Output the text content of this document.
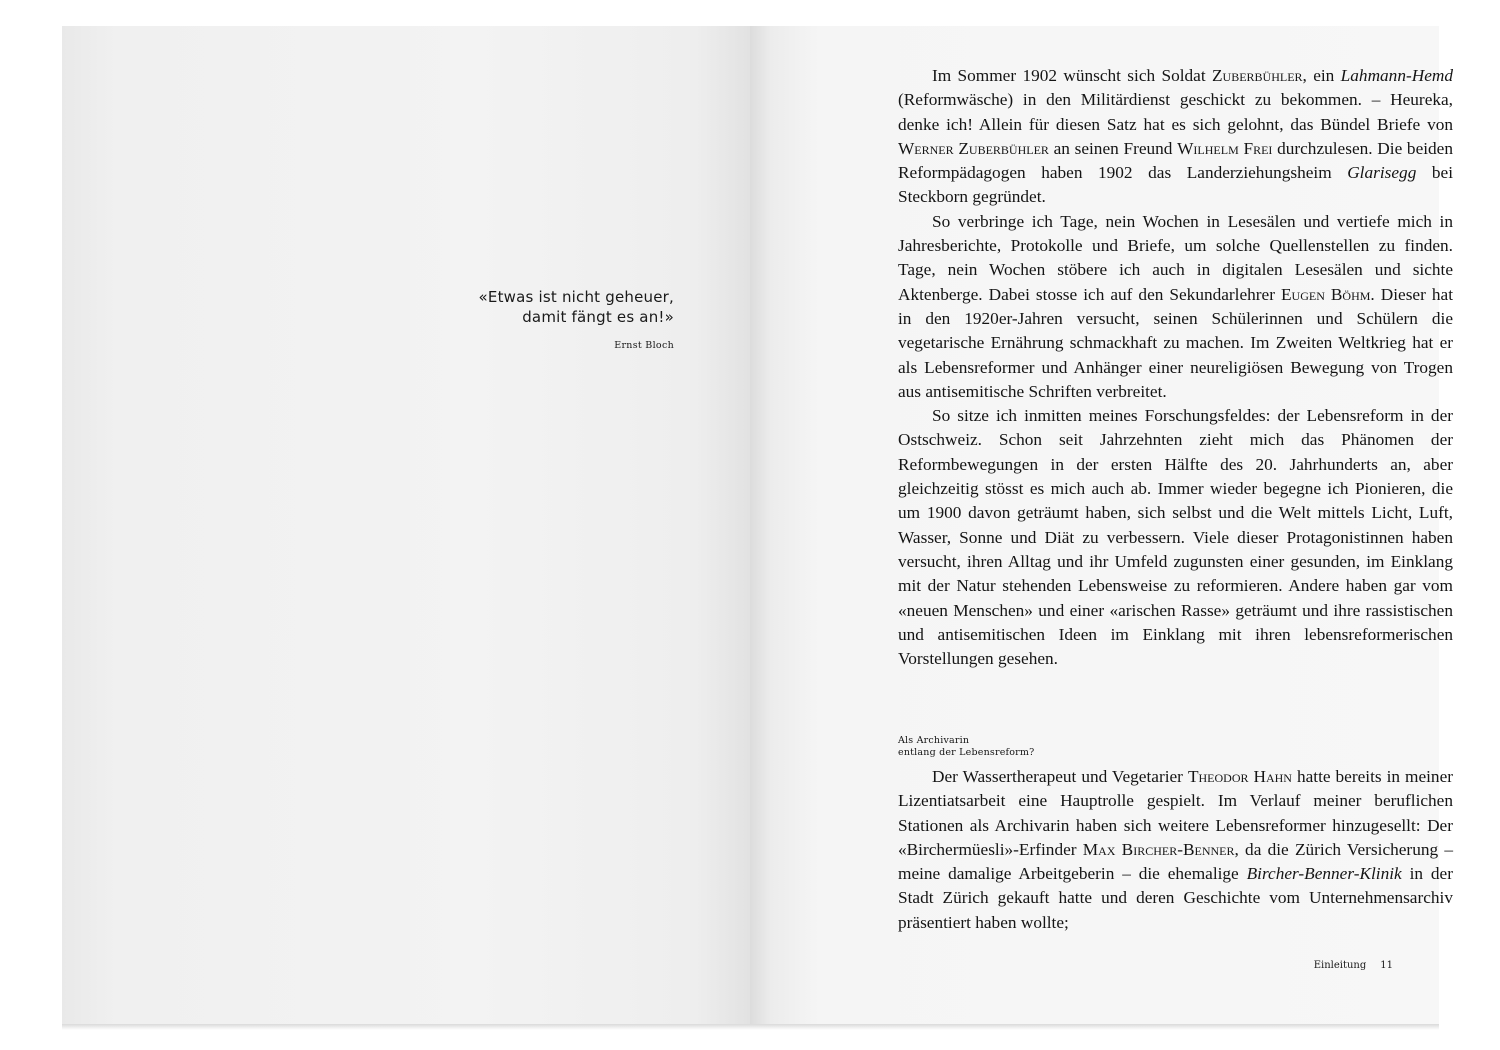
«Etwas ist nicht geheuer,
damit fängt es an!»
Ernst Bloch

Im Sommer 1902 wünscht sich Soldat Zuberbühler, ein Lahmann-Hemd (Reformwäsche) in den Militärdienst geschickt zu bekommen. – Heureka, denke ich! Allein für diesen Satz hat es sich gelohnt, das Bündel Briefe von Werner Zuberbühler an seinen Freund Wilhelm Frei durchzulesen. Die beiden Reformpädagogen haben 1902 das Landerziehungsheim Glarisegg bei Steckborn gegründet.

So verbringe ich Tage, nein Wochen in Lesesälen und vertiefe mich in Jahresberichte, Protokolle und Briefe, um solche Quellenstellen zu finden. Tage, nein Wochen stöbere ich auch in digitalen Lesesälen und sichte Aktenberge. Dabei stosse ich auf den Sekundarlehrer Eugen Böhm. Dieser hat in den 1920er-Jahren versucht, seinen Schülerinnen und Schülern die vegetarische Ernährung schmackhaft zu machen. Im Zweiten Weltkrieg hat er als Lebensreformer und Anhänger einer neureligiösen Bewegung von Trogen aus antisemitische Schriften verbreitet.

So sitze ich inmitten meines Forschungsfeldes: der Lebensreform in der Ostschweiz. Schon seit Jahrzehnten zieht mich das Phänomen der Reformbewegungen in der ersten Hälfte des 20. Jahrhunderts an, aber gleichzeitig stösst es mich auch ab. Immer wieder begegne ich Pionieren, die um 1900 davon geträumt haben, sich selbst und die Welt mittels Licht, Luft, Wasser, Sonne und Diät zu verbessern. Viele dieser Protagonistinnen haben versucht, ihren Alltag und ihr Umfeld zugunsten einer gesunden, im Einklang mit der Natur stehenden Lebensweise zu reformieren. Andere haben gar vom «neuen Menschen» und einer «arischen Rasse» geträumt und ihre rassistischen und antisemitischen Ideen im Einklang mit ihren lebensreformerischen Vorstellungen gesehen.

Als Archivarin
entlang der Lebensreform?

Der Wassertherapeut und Vegetarier Theodor Hahn hatte bereits in meiner Lizentiatsarbeit eine Hauptrolle gespielt. Im Verlauf meiner beruflichen Stationen als Archivarin haben sich weitere Lebensreformer hinzugesellt: Der «Birchermüesli»-Erfinder Max Bircher-Benner, da die Zürich Versicherung – meine damalige Arbeitgeberin – die ehemalige Bircher-Benner-Klinik in der Stadt Zürich gekauft hatte und deren Geschichte vom Unternehmensarchiv präsentiert haben wollte;

Einleitung 11
